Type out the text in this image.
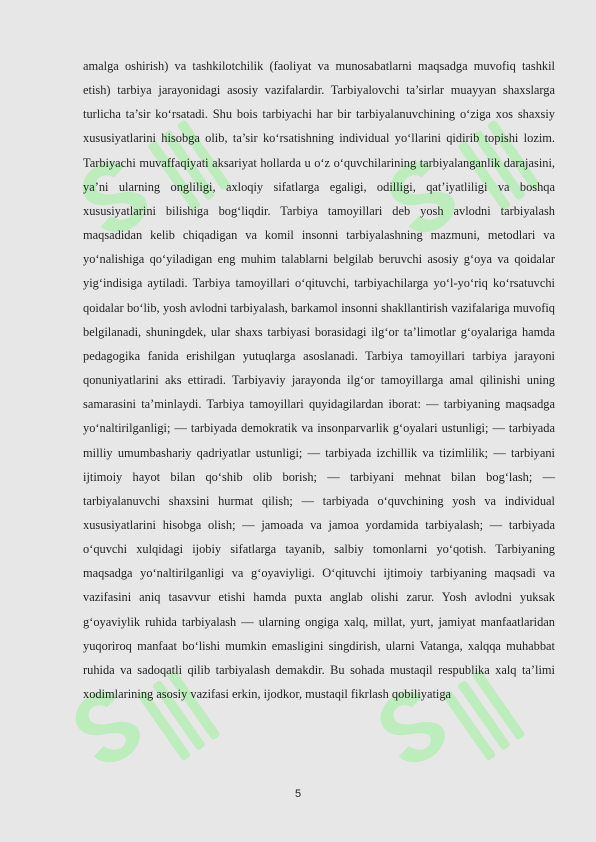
amalga oshirish) va tashkilotchilik (faoliyat va munosabatlarni maqsadga muvofiq tashkil etish) tarbiya jarayonidagi asosiy vazifalardir. Tarbiyalovchi ta’sirlar muayyan shaxslarga turlicha ta’sir ko‘rsatadi. Shu bois tarbiyachi har bir tarbiyalanuvchining o‘ziga xos shaxsiy xususiyatlarini hisobga olib, ta’sir ko‘rsatishning individual yo‘llarini qidirib topishi lozim. Tarbiyachi muvaffaqiyati aksariyat hollarda u o‘z o‘quvchilarining tarbiyalanganlik darajasini, ya’ni ularning ongliligi, axloqiy sifatlarga egaligi, odilligi, qat’iyatliligi va boshqa xususiyatlarini bilishiga bog‘liqdir. Tarbiya tamoyillari deb yosh avlodni tarbiyalash maqsadidan kelib chiqadigan va komil insonni tarbiyalashning mazmuni, metodlari va yo‘nalishiga qo‘yiladigan eng muhim talablarni belgilab beruvchi asosiy g‘oya va qoidalar yig‘indisiga aytiladi. Tarbiya tamoyillari o‘qituvchi, tarbiyachilarga yo‘l-yo‘riq ko‘rsatuvchi qoidalar bo‘lib, yosh avlodni tarbiyalash, barkamol insonni shakllantirish vazifalariga muvofiq belgilanadi, shuningdek, ular shaxs tarbiyasi borasidagi ilg‘or ta’limotlar g‘oyalariga hamda pedagogika fanida erishilgan yutuqlarga asoslanadi. Tarbiya tamoyillari tarbiya jarayoni qonuniyatlarini aks ettiradi. Tarbiyaviy jarayonda ilg‘or tamoyillarga amal qilinishi uning samarasini ta’minlaydi. Tarbiya tamoyillari quyidagilardan iborat: — tarbiyaning maqsadga yo‘naltirilganligi; — tarbiyada demokratik va insonparvarlik g‘oyalari ustunligi; — tarbiyada milliy umumbashariy qadriyatlar ustunligi; — tarbiyada izchillik va tizimlilik; — tarbiyani ijtimoiy hayot bilan qo‘shib olib borish; — tarbiyani mehnat bilan bog‘lash; — tarbiyalanuvchi shaxsini hurmat qilish; — tarbiyada o‘quvchining yosh va individual xususiyatlarini hisobga olish; — jamoada va jamoa yordamida tarbiyalash; — tarbiyada o‘quvchi xulqidagi ijobiy sifatlarga tayanib, salbiy tomonlarni yo‘qotish. Tarbiyaning maqsadga yo‘naltirilganligi va g‘oyaviyligi. O‘qituvchi ijtimoiy tarbiyaning maqsadi va vazifasini aniq tasavvur etishi hamda puxta anglab olishi zarur. Yosh avlodni yuksak g‘oyaviylik ruhida tarbiyalash — ularning ongiga xalq, millat, yurt, jamiyat manfaatlaridan yuqoriroq manfaat bo‘lishi mumkin emasligini singdirish, ularni Vatanga, xalqqa muhabbat ruhida va sadoqatli qilib tarbiyalash demakdir. Bu sohada mustaqil respublika xalq ta’limi xodimlarining asosiy vazifasi erkin, ijodkor, mustaqil fikrlash qobiliyatiga

5
